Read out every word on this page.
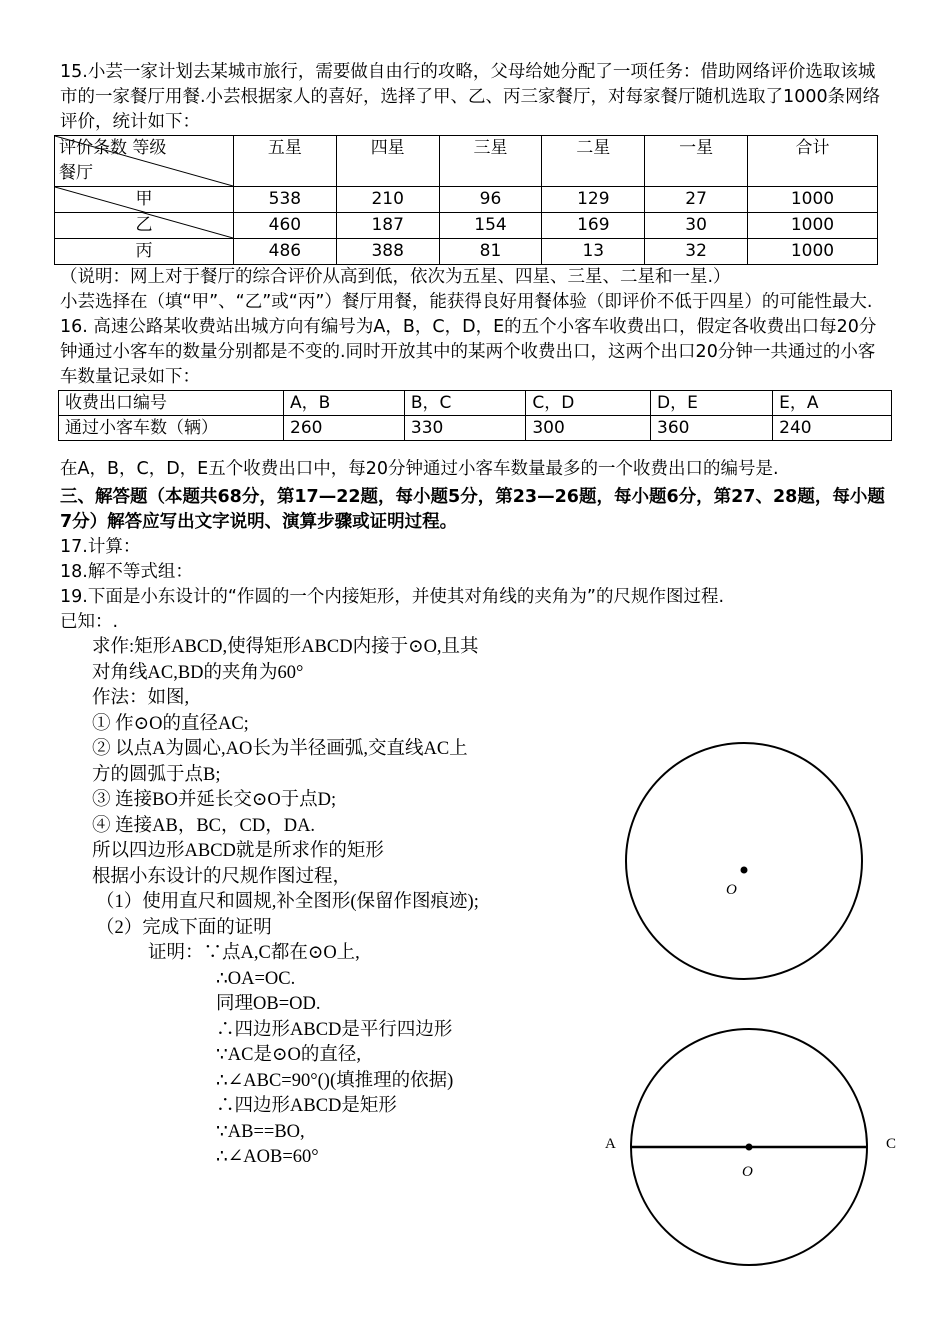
15.小芸一家计划去某城市旅行，需要做自由行的攻略，父母给她分配了一项任务：借助网络评价选取该城市的一家餐厅用餐.小芸根据家人的喜好，选择了甲、乙、丙三家餐厅，对每家餐厅随机选取了1000条网络评价，统计如下：

评价条数 等级
餐厅	五星	四星	三星	二星	一星	合计

甲	538	210	96	129	27	1000

乙	460	187	154	169	30	1000
丙	486	388	81	13	32	1000

（说明：网上对于餐厅的综合评价从高到低，依次为五星、四星、三星、二星和一星.）

小芸选择在（填“甲”、“乙”或“丙”）餐厅用餐，能获得良好用餐体验（即评价不低于四星）的可能性最大.

16. 高速公路某收费站出城方向有编号为A，B，C，D，E的五个小客车收费出口，假定各收费出口每20分钟通过小客车的数量分别都是不变的.同时开放其中的某两个收费出口，这两个出口20分钟一共通过的小客车数量记录如下：

收费出口编号	A，B	B，C	C，D	D，E	E，A
通过小客车数（辆）	260	330	300	360	240

在A，B，C，D，E五个收费出口中，每20分钟通过小客车数量最多的一个收费出口的编号是.

三、解答题（本题共68分，第17—22题，每小题5分，第23—26题，每小题6分，第27、28题，每小题7分）解答应写出文字说明、演算步骤或证明过程。

17.计算：

18.解不等式组：

19.下面是小东设计的“作圆的一个内接矩形，并使其对角线的夹角为”的尺规作图过程.

已知：.

求作:矩形ABCD,使得矩形ABCD内接于⊙O,且其

对角线AC,BD的夹角为60°

作法：如图,

① 作⊙O的直径AC;

② 以点A为圆心,AO长为半径画弧,交直线AC上

方的圆弧于点B;

③ 连接BO并延长交⊙O于点D;

④ 连接AB，BC，CD，DA.

所以四边形ABCD就是所求作的矩形

根据小东设计的尺规作图过程，

（1）使用直尺和圆规,补全图形(保留作图痕迹);

（2）完成下面的证明

证明：∵点A,C都在⊙O上,

∴OA=OC.

同理OB=OD.

∴四边形ABCD是平行四边形

∵AC是⊙O的直径,

∴∠ABC=90°()(填推理的依据)

∴四边形ABCD是矩形

∵AB==BO,

∴∠AOB=60°

O
O
A	C
